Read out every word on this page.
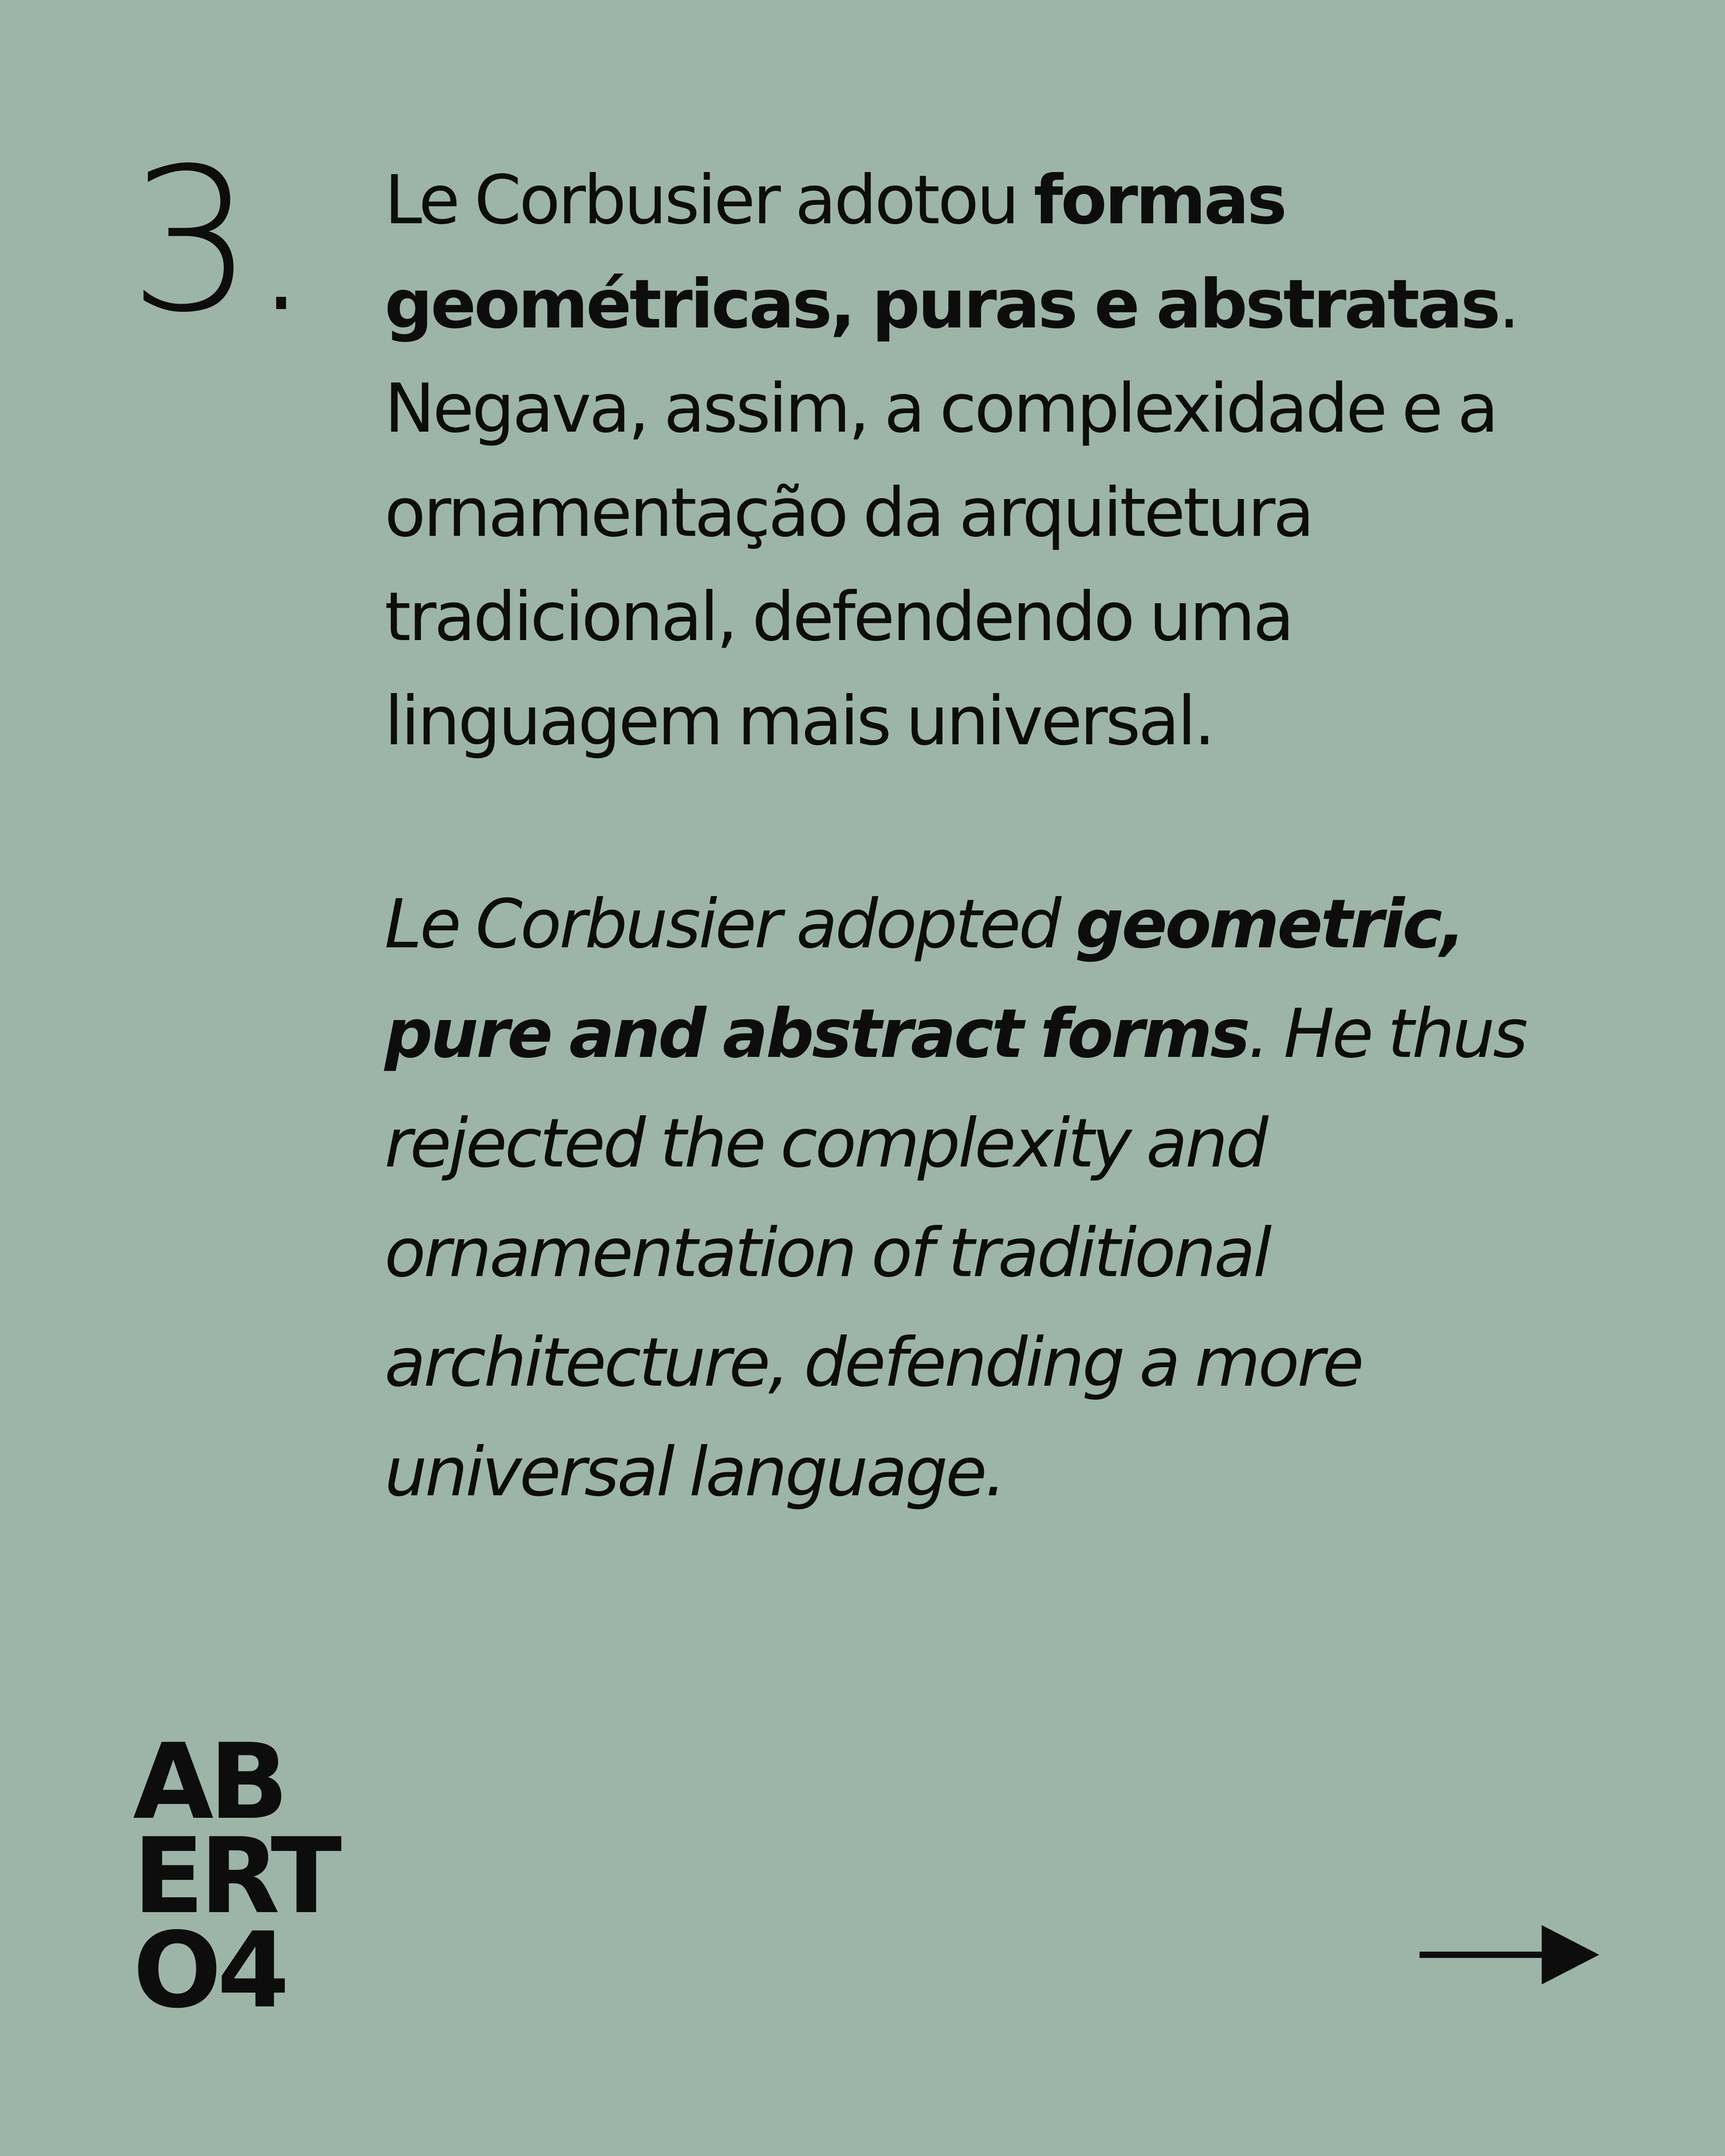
3. Le Corbusier adotou formas geométricas, puras e abstratas. Negava, assim, a complexidade e a ornamentação da arquitetura tradicional, defendendo uma linguagem mais universal.

Le Corbusier adopted geometric, pure and abstract forms. He thus rejected the complexity and ornamentation of traditional architecture, defending a more universal language.

AB
ERT
O4
